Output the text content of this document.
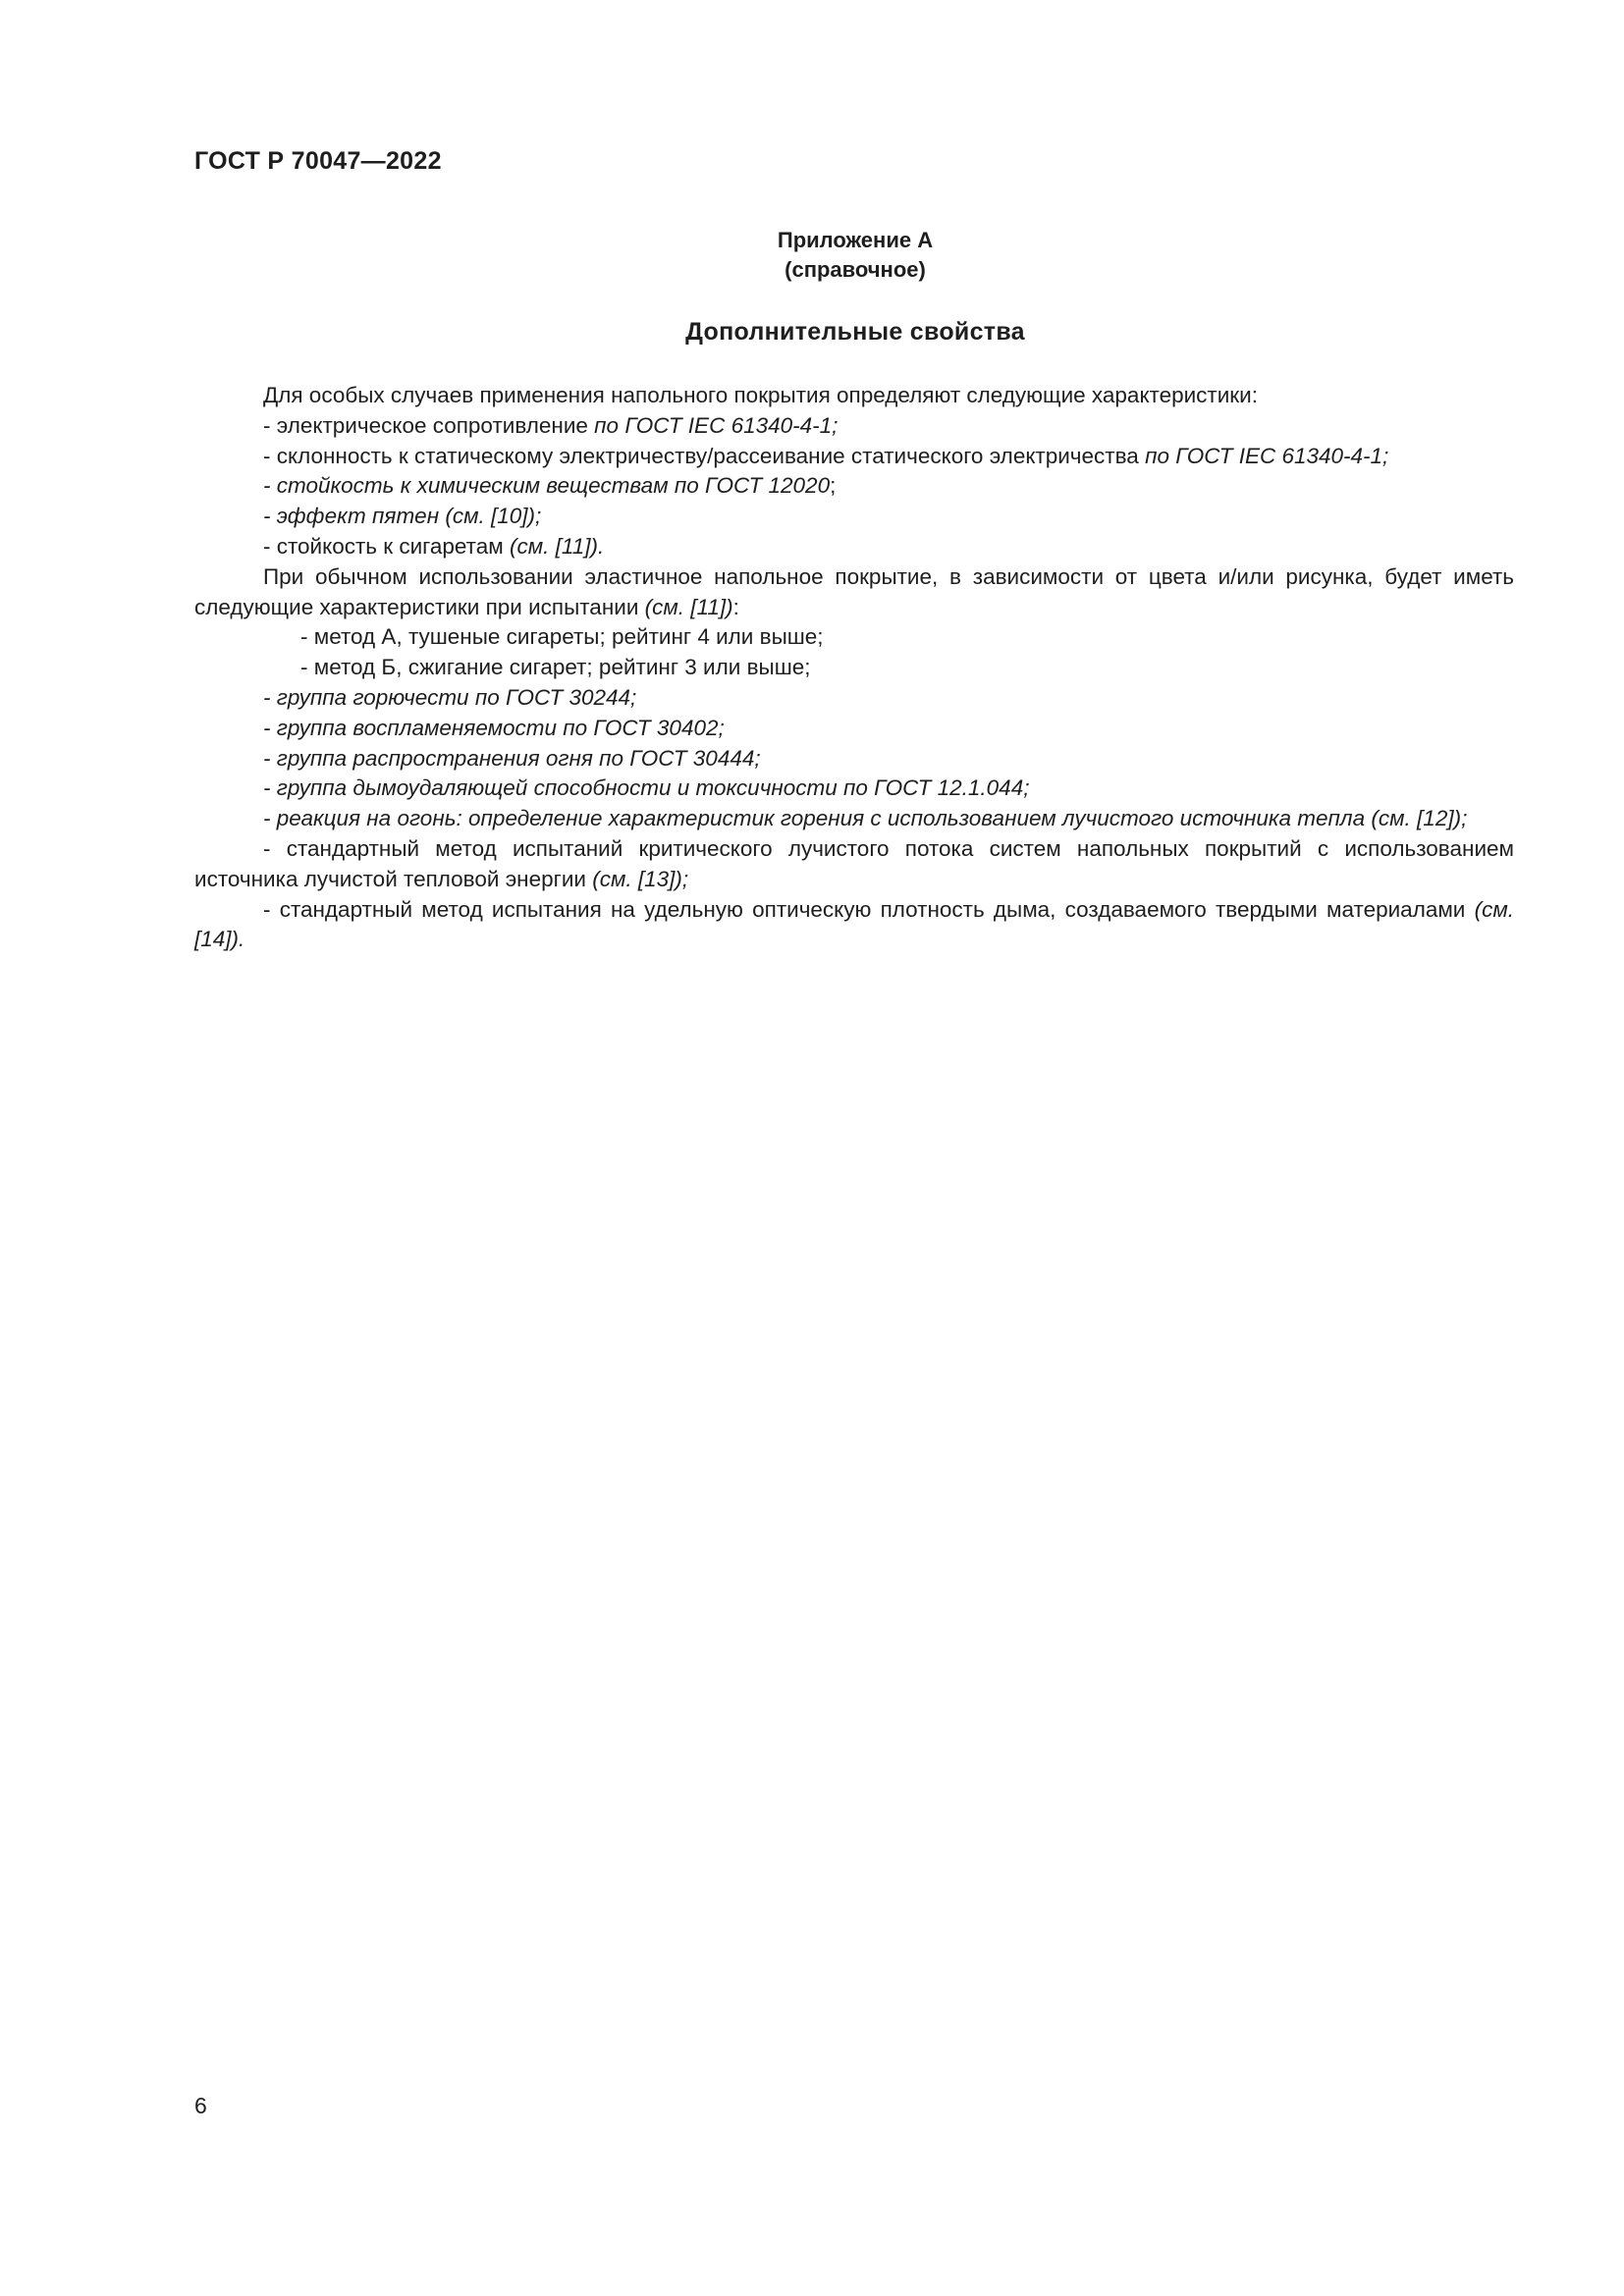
ГОСТ Р 70047—2022

Приложение А
(справочное)

Дополнительные свойства

Для особых случаев применения напольного покрытия определяют следующие характеристики:

- электрическое сопротивление по ГОСТ IEC 61340-4-1;

- склонность к статическому электричеству/рассеивание статического электричества по ГОСТ IEC 61340-4-1;

- стойкость к химическим веществам по ГОСТ 12020;

- эффект пятен (см. [10]);

- стойкость к сигаретам (см. [11]).

При обычном использовании эластичное напольное покрытие, в зависимости от цвета и/или рисунка, будет иметь следующие характеристики при испытании (см. [11]):

- метод А, тушеные сигареты; рейтинг 4 или выше;

- метод Б, сжигание сигарет; рейтинг 3 или выше;

- группа горючести по ГОСТ 30244;

- группа воспламеняемости по ГОСТ 30402;

- группа распространения огня по ГОСТ 30444;

- группа дымоудаляющей способности и токсичности по ГОСТ 12.1.044;

- реакция на огонь: определение характеристик горения с использованием лучистого источника тепла (см. [12]);

- стандартный метод испытаний критического лучистого потока систем напольных покрытий с использованием источника лучистой тепловой энергии (см. [13]);

- стандартный метод испытания на удельную оптическую плотность дыма, создаваемого твердыми материалами (см. [14]).

6
